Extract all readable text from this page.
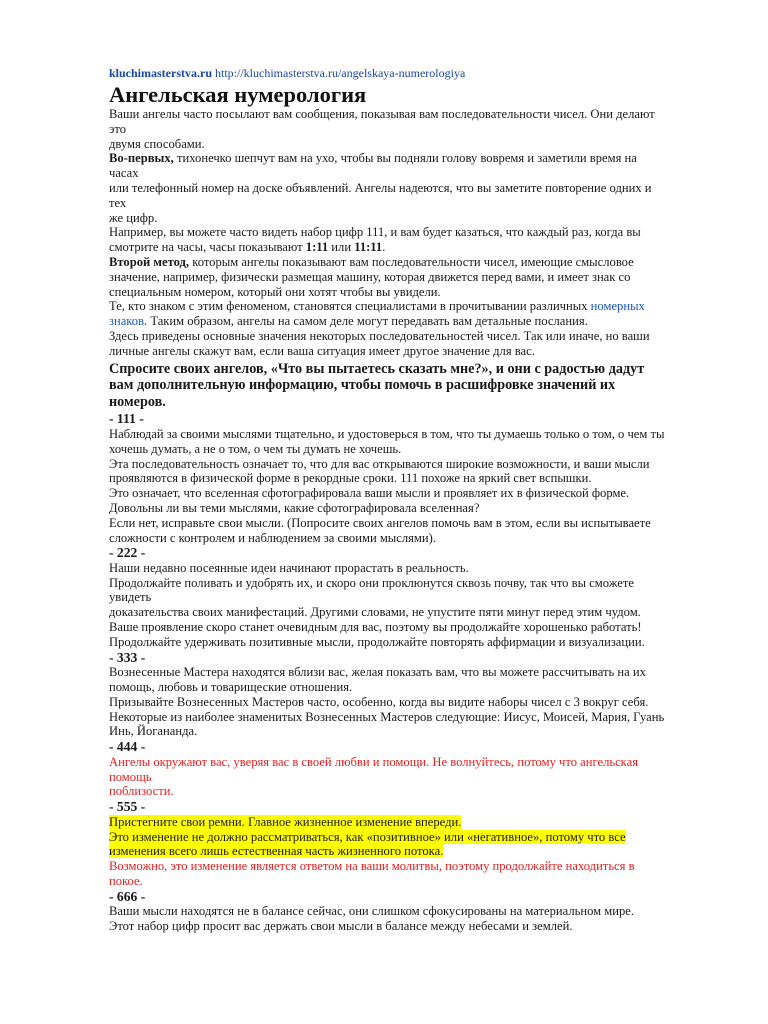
kluchimasterstva.ru http://kluchimasterstva.ru/angelskaya-numerologiya
Ангельская нумерология

Ваши ангелы часто посылают вам сообщения, показывая вам последовательности чисел. Они делают

это

двумя способами.

Во-первых, тихонечко шепчут вам на ухо, чтобы вы подняли голову вовремя и заметили время на

часах

или телефонный номер на доске объявлений. Ангелы надеются, что вы заметите повторение одних и

тех

же цифр.

Например, вы можете часто видеть набор цифр 111, и вам будет казаться, что каждый раз, когда вы

смотрите на часы, часы показывают 1:11 или 11:11.

Второй метод, которым ангелы показывают вам последовательности чисел, имеющие смысловое

значение, например, физически размещая машину, которая движется перед вами, и имеет знак со

специальным номером, который они хотят чтобы вы увидели.

Те, кто знаком с этим феноменом, становятся специалистами в прочитывании различных номерных

знаков. Таким образом, ангелы на самом деле могут передавать вам детальные послания.

Здесь приведены основные значения некоторых последовательностей чисел. Так или иначе, но ваши

личные ангелы скажут вам, если ваша ситуация имеет другое значение для вас.

Спросите своих ангелов, «Что вы пытаетесь сказать мне?», и они с радостью дадут

вам дополнительную информацию, чтобы помочь в расшифровке значений их

номеров.

- 111 -

Наблюдай за своими мыслями тщательно, и удостоверься в том, что ты думаешь только о том, о чем ты

хочешь думать, а не о том, о чем ты думать не хочешь.

Эта последовательность означает то, что для вас открываются широкие возможности, и ваши мысли

проявляются в физической форме в рекордные сроки. 111 похоже на яркий свет вспышки.

Это означает, что вселенная сфотографировала ваши мысли и проявляет их в физической форме.

Довольны ли вы теми мыслями, какие сфотографировала вселенная?

Если нет, исправьте свои мысли. (Попросите своих ангелов помочь вам в этом, если вы испытываете

сложности с контролем и наблюдением за своими мыслями).

- 222 -

Наши недавно посеянные идеи начинают прорастать в реальность.

Продолжайте поливать и удобрять их, и скоро они проклюнутся сквозь почву, так что вы сможете

увидеть

доказательства своих манифестаций. Другими словами, не упустите пяти минут перед этим чудом.

Ваше проявление скоро станет очевидным для вас, поэтому вы продолжайте хорошенько работать!

Продолжайте удерживать позитивные мысли, продолжайте повторять аффирмации и визуализации.

- 333 -

Вознесенные Мастера находятся вблизи вас, желая показать вам, что вы можете рассчитывать на их

помощь, любовь и товарищеские отношения.

Призывайте Вознесенных Мастеров часто, особенно, когда вы видите наборы чисел с 3 вокруг себя.

Некоторые из наиболее знаменитых Вознесенных Мастеров следующие: Иисус, Моисей, Мария, Гуань

Инь, Йогананда.

- 444 -

Ангелы окружают вас, уверяя вас в своей любви и помощи. Не волнуйтесь, потому что ангельская

помощь

поблизости.

- 555 -

Пристегните свои ремни. Главное жизненное изменение впереди.

Это изменение не должно рассматриваться, как «позитивное» или «негативное», потому что все

изменения всего лишь естественная часть жизненного потока.

Возможно, это изменение является ответом на ваши молитвы, поэтому продолжайте находиться в

покое.

- 666 -

Ваши мысли находятся не в балансе сейчас, они слишком сфокусированы на материальном мире.

Этот набор цифр просит вас держать свои мысли в балансе между небесами и землей.
